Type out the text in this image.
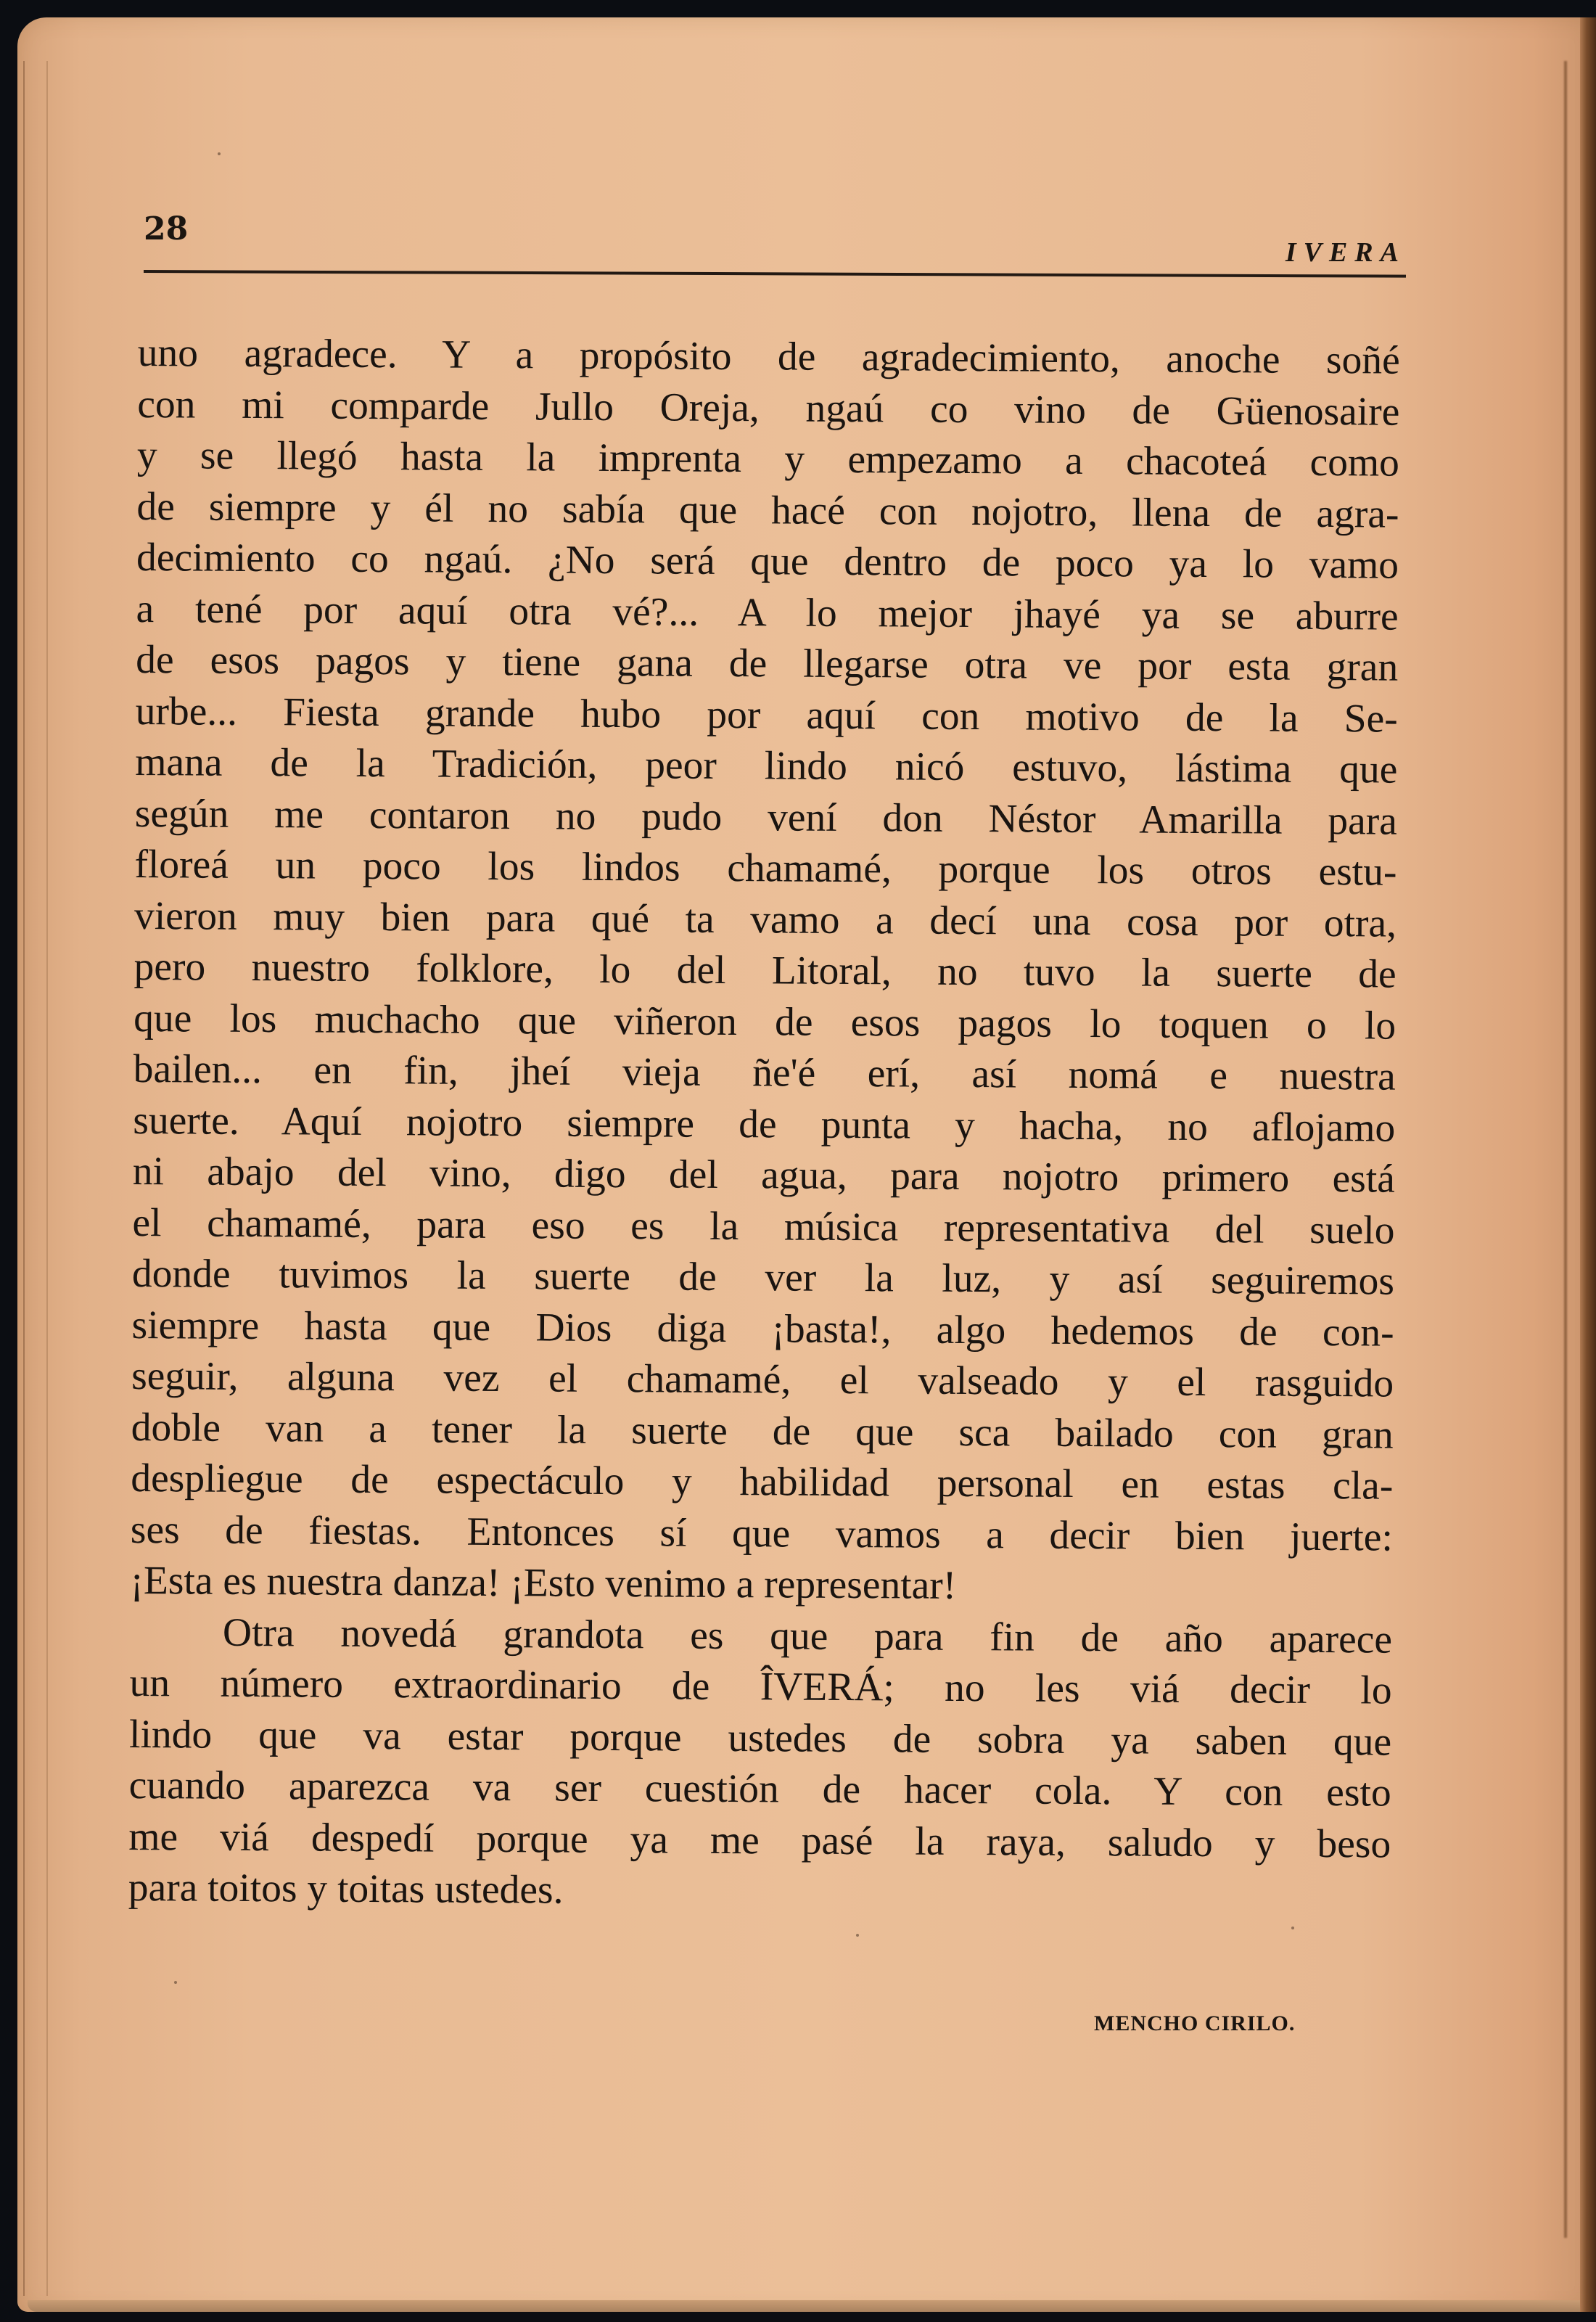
28
IVERA
uno agradece. Y a propósito de agradecimiento, anoche soñé
con mi comparde Jullo Oreja, ngaú co vino de Güenosaire
y se llegó hasta la imprenta y empezamo a chacoteá como
de siempre y él no sabía que hacé con nojotro, llena de agra-
decimiento co ngaú. ¿No será que dentro de poco ya lo vamo
a tené por aquí otra vé?... A lo mejor jhayé ya se aburre
de esos pagos y tiene gana de llegarse otra ve por esta gran
urbe... Fiesta grande hubo por aquí con motivo de la Se-
mana de la Tradición, peor lindo nicó estuvo, lástima que
según me contaron no pudo vení don Néstor Amarilla para
floreá un poco los lindos chamamé, porque los otros estu-
vieron muy bien para qué ta vamo a decí una cosa por otra,
pero nuestro folklore, lo del Litoral, no tuvo la suerte de
que los muchacho que viñeron de esos pagos lo toquen o lo
bailen... en fin, jheí vieja ñe'é erí, así nomá e nuestra
suerte. Aquí nojotro siempre de punta y hacha, no aflojamo
ni abajo del vino, digo del agua, para nojotro primero está
el chamamé, para eso es la música representativa del suelo
donde tuvimos la suerte de ver la luz, y así seguiremos
siempre hasta que Dios diga ¡basta!, algo hedemos de con-
seguir, alguna vez el chamamé, el valseado y el rasguido
doble van a tener la suerte de que sca bailado con gran
despliegue de espectáculo y habilidad personal en estas cla-
ses de fiestas. Entonces sí que vamos a decir bien juerte:
¡Esta es nuestra danza! ¡Esto venimo a representar!
Otra novedá grandota es que para fin de año aparece
un número extraordinario de ÎVERÁ; no les viá decir lo
lindo que va estar porque ustedes de sobra ya saben que
cuando aparezca va ser cuestión de hacer cola. Y con esto
me viá despedí porque ya me pasé la raya, saludo y beso
para toitos y toitas ustedes.
MENCHO CIRILO.
